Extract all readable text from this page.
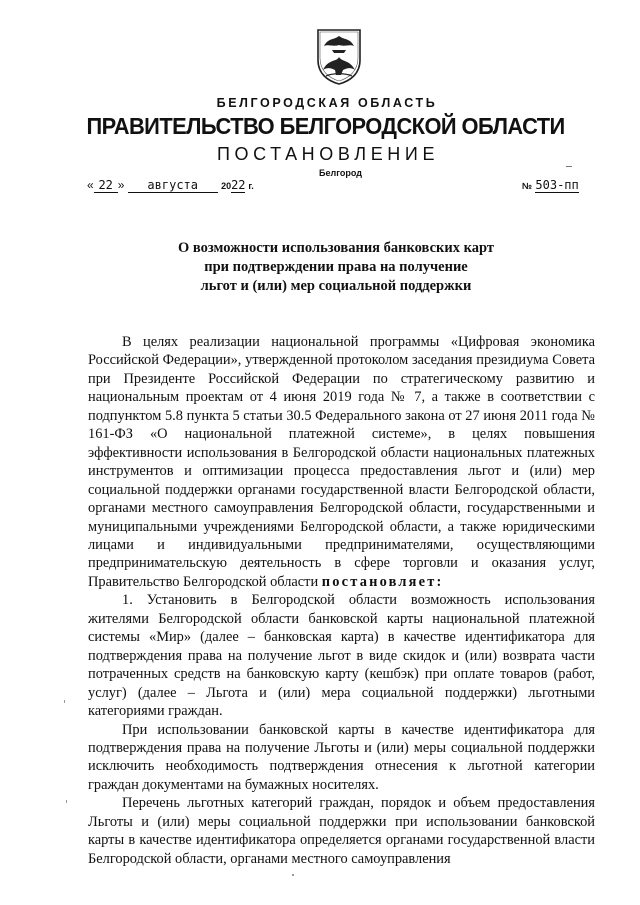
БЕЛГОРОДСКАЯ ОБЛАСТЬ
ПРАВИТЕЛЬСТВО БЕЛГОРОДСКОЙ ОБЛАСТИ
ПОСТАНОВЛЕНИЕ
Белгород
« 22 » августа	2022 г.	№ 503-пп
О возможности использования банковских карт
при подтверждении права на получение
льгот и (или) мер социальной поддержки

В целях реализации национальной программы «Цифровая экономика Российской Федерации», утвержденной протоколом заседания президиума Совета при Президенте Российской Федерации по стратегическому развитию и национальным проектам от 4 июня 2019 года № 7, а также в соответствии с подпунктом 5.8 пункта 5 статьи 30.5 Федерального закона от 27 июня 2011 года № 161-ФЗ «О национальной платежной системе», в целях повышения эффективности использования в Белгородской области национальных платежных инструментов и оптимизации процесса предоставления льгот и (или) мер социальной поддержки органами государственной власти Белгородской области, органами местного самоуправления Белгородской области, государственными и муниципальными учреждениями Белгородской области, а также юридическими лицами и индивидуальными предпринимателями, осуществляющими предпринимательскую деятельность в сфере торговли и оказания услуг, Правительство Белгородской области постановляет:

1. Установить в Белгородской области возможность использования жителями Белгородской области банковской карты национальной платежной системы «Мир» (далее – банковская карта) в качестве идентификатора для подтверждения права на получение льгот в виде скидок и (или) возврата части потраченных средств на банковскую карту (кешбэк) при оплате товаров (работ, услуг) (далее – Льгота и (или) мера социальной поддержки) льготными категориями граждан.

При использовании банковской карты в качестве идентификатора для подтверждения права на получение Льготы и (или) меры социальной поддержки исключить необходимость подтверждения отнесения к льготной категории граждан документами на бумажных носителях.

Перечень льготных категорий граждан, порядок и объем предоставления Льготы и (или) меры социальной поддержки при использовании банковской карты в качестве идентификатора определяется органами государственной власти Белгородской области, органами местного самоуправления
